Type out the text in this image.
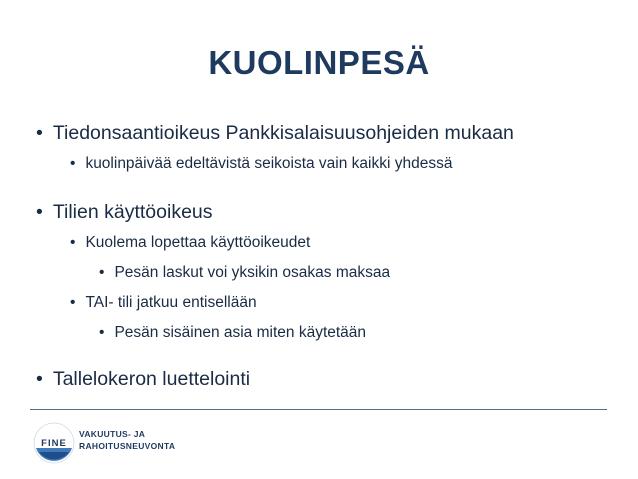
KUOLINPESÄ
• Tiedonsaantioikeus Pankkisalaisuusohjeiden mukaan
• kuolinpäivää edeltävistä seikoista vain kaikki yhdessä
• Tilien käyttöoikeus
• Kuolema lopettaa käyttöoikeudet
• Pesän laskut voi yksikin osakas maksaa
• TAI- tili jatkuu entisellään
• Pesän sisäinen asia miten käytetään
• Tallelokeron luettelointi
FINE
VAKUUTUS- JA
RAHOITUSNEUVONTA
